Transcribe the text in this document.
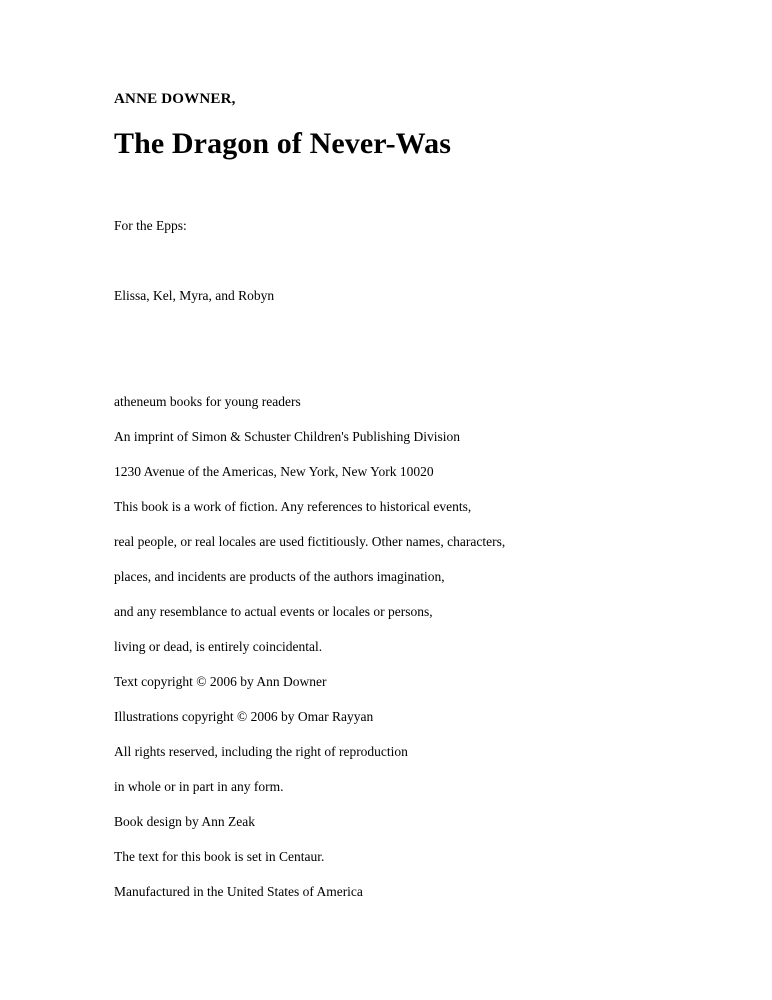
ANNE DOWNER,
The Dragon of Never-Was
For the Epps:
Elissa, Kel, Myra, and Robyn
atheneum books for young readers
An imprint of Simon & Schuster Children's Publishing Division
1230 Avenue of the Americas, New York, New York 10020
This book is a work of fiction. Any references to historical events,
real people, or real locales are used fictitiously. Other names, characters,
places, and incidents are products of the authors imagination,
and any resemblance to actual events or locales or persons,
living or dead, is entirely coincidental.
Text copyright © 2006 by Ann Downer
Illustrations copyright © 2006 by Omar Rayyan
All rights reserved, including the right of reproduction
in whole or in part in any form.
Book design by Ann Zeak
The text for this book is set in Centaur.
Manufactured in the United States of America
